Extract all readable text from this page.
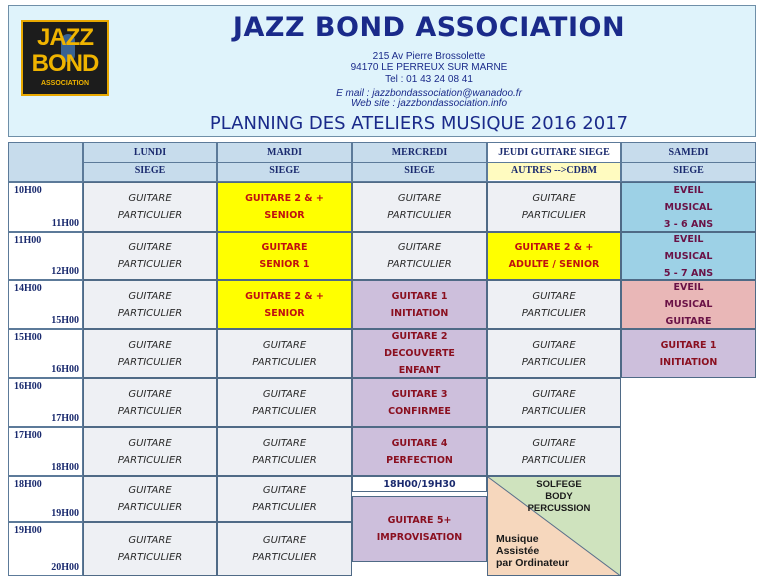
JAZZ
BOND
ASSOCIATION
JAZZ BOND ASSOCIATION
215 Av Pierre Brossolette
94170 LE PERREUX SUR MARNE
Tel : 01 43 24 08 41
E mail : jazzbondassociation@wanadoo.fr
Web site : jazzbondassociation.info
PLANNING DES ATELIERS MUSIQUE 2016 2017
LUNDI
SIEGE
MARDI
SIEGE
MERCREDI
SIEGE
JEUDI GUITARE SIEGE
AUTRES -->CDBM
SAMEDI
SIEGE
10H00
11H00
11H00
12H00
14H00
15H00
15H00
16H00
16H00
17H00
17H00
18H00
18H00
19H00
19H00
20H00
GUITARE
PARTICULIER
GUITARE
PARTICULIER
GUITARE
PARTICULIER
GUITARE
PARTICULIER
GUITARE
PARTICULIER
GUITARE
PARTICULIER
GUITARE
PARTICULIER
GUITARE
PARTICULIER
GUITARE 2 & +
SENIOR
GUITARE
SENIOR 1
GUITARE 2 & +
SENIOR
GUITARE
PARTICULIER
GUITARE
PARTICULIER
GUITARE
PARTICULIER
GUITARE
PARTICULIER
GUITARE
PARTICULIER
GUITARE
PARTICULIER
GUITARE
PARTICULIER
GUITARE 1
INITIATION
GUITARE 2
DECOUVERTE
ENFANT
GUITARE 3
CONFIRMEE
GUITARE 4
PERFECTION
18H00/19H30
GUITARE 5+
IMPROVISATION
GUITARE
PARTICULIER
GUITARE 2 & +
ADULTE / SENIOR
GUITARE
PARTICULIER
GUITARE
PARTICULIER
GUITARE
PARTICULIER
GUITARE
PARTICULIER
SOLFEGE
BODY
PERCUSSION
Musique
Assistée
par Ordinateur
EVEIL
MUSICAL
3 - 6 ANS
EVEIL
MUSICAL
5 - 7 ANS
EVEIL
MUSICAL
GUITARE
GUITARE 1
INITIATION
